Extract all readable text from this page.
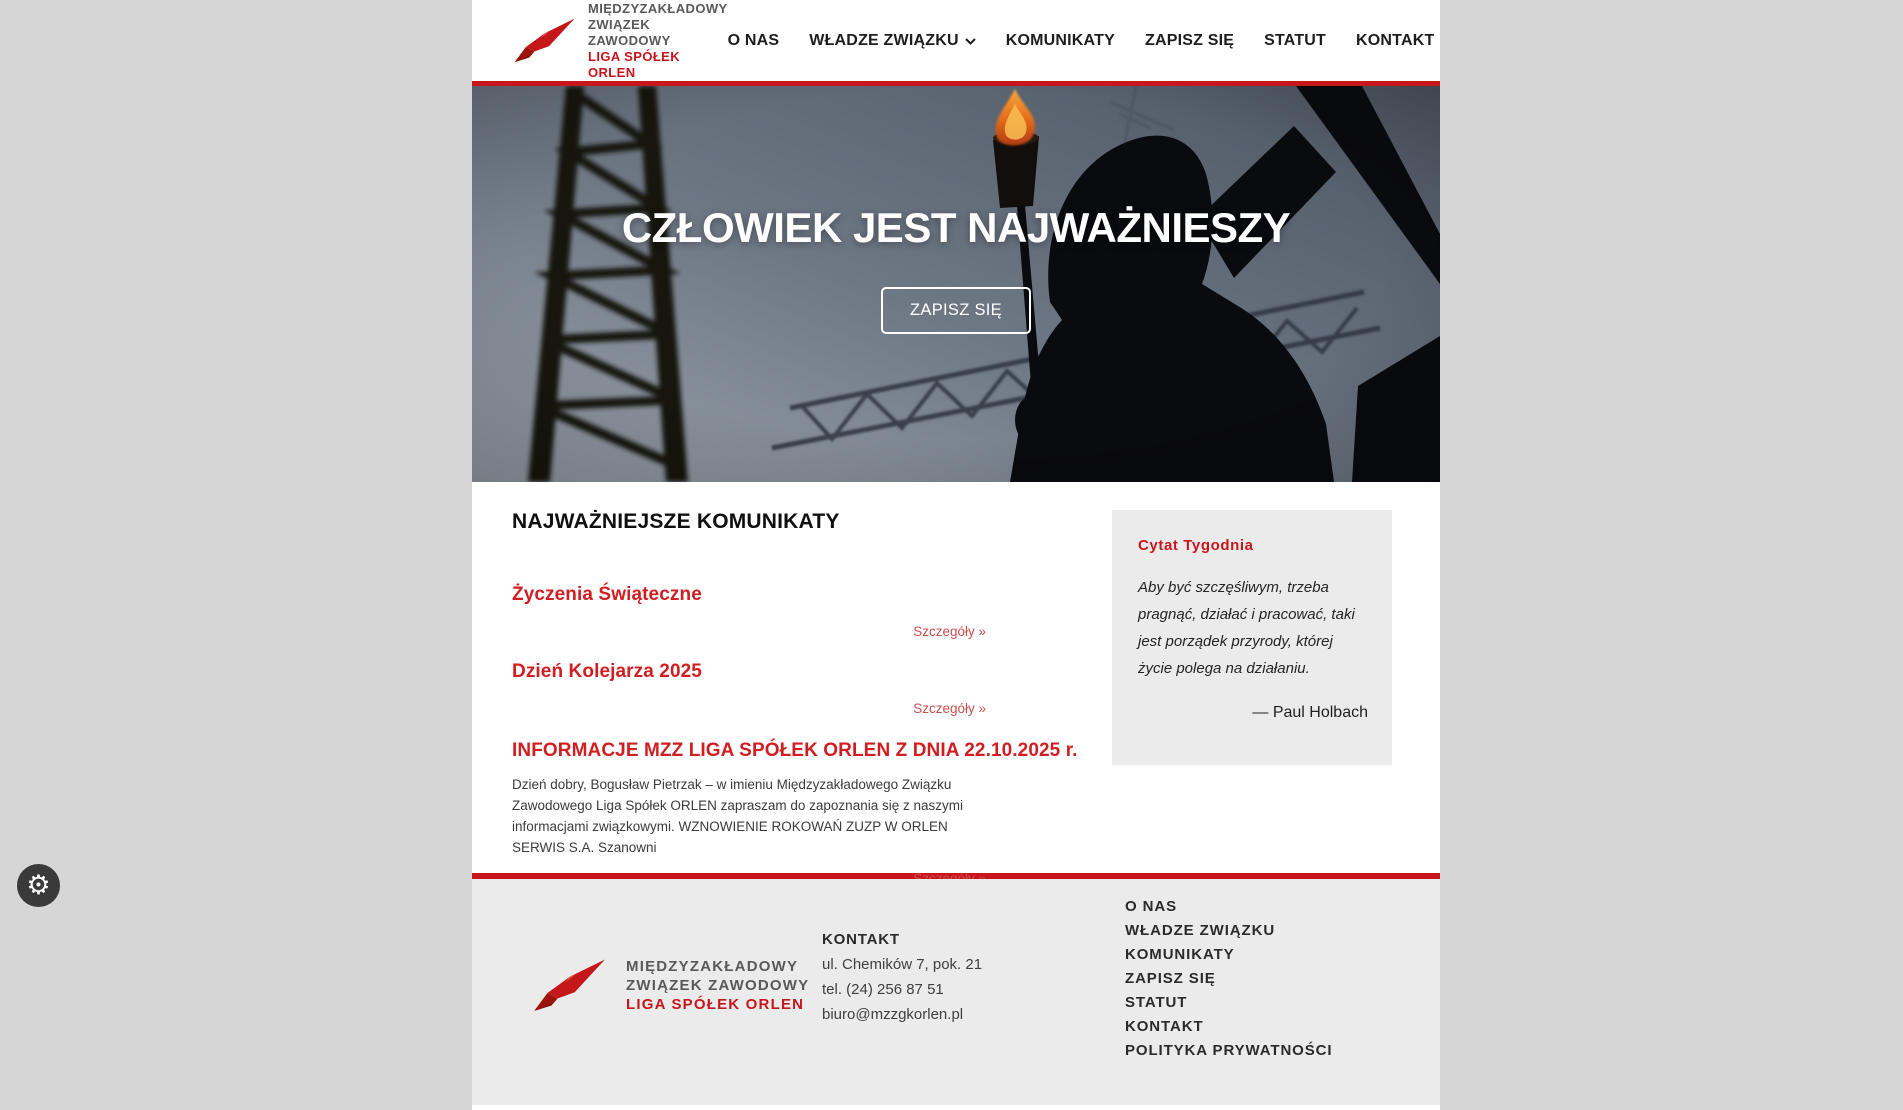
MIĘDZYZAKŁADOWY
ZWIĄZEK ZAWODOWY
LIGA SPÓŁEK ORLEN
O NAS WŁADZE ZWIĄZKU	KOMUNIKATY ZAPISZ SIĘ STATUT KONTAKT
CZŁOWIEK JEST NAJWAŻNIESZY
ZAPISZ SIĘ
NAJWAŻNIEJSZE KOMUNIKATY
Życzenia Świąteczne
Szczegóły »
Dzień Kolejarza 2025
Szczegóły »
INFORMACJE MZZ LIGA SPÓŁEK ORLEN Z DNIA 22.10.2025 r.

Dzień dobry, Bogusław Pietrzak – w imieniu Międzyzakładowego Związku Zawodowego Liga Spółek ORLEN zapraszam do zapoznania się z naszymi informacjami związkowymi. WZNOWIENIE ROKOWAŃ ZUZP W ORLEN SERWIS S.A. Szanowni

Cytat Tygodnia

Aby być szczęśliwym, trzeba pragnąć, działać i pracować, taki jest porządek przyrody, której życie polega na działaniu.

— Paul Holbach
MIĘDZYZAKŁADOWY
ZWIĄZEK ZAWODOWY
LIGA SPÓŁEK ORLEN
KONTAKT
ul. Chemików 7, pok. 21
tel. (24) 256 87 51
biuro@mzzgkorlen.pl
O NAS
WŁADZE ZWIĄZKU
KOMUNIKATY
ZAPISZ SIĘ
STATUT
KONTAKT
POLITYKA PRYWATNOŚCI
⚙
